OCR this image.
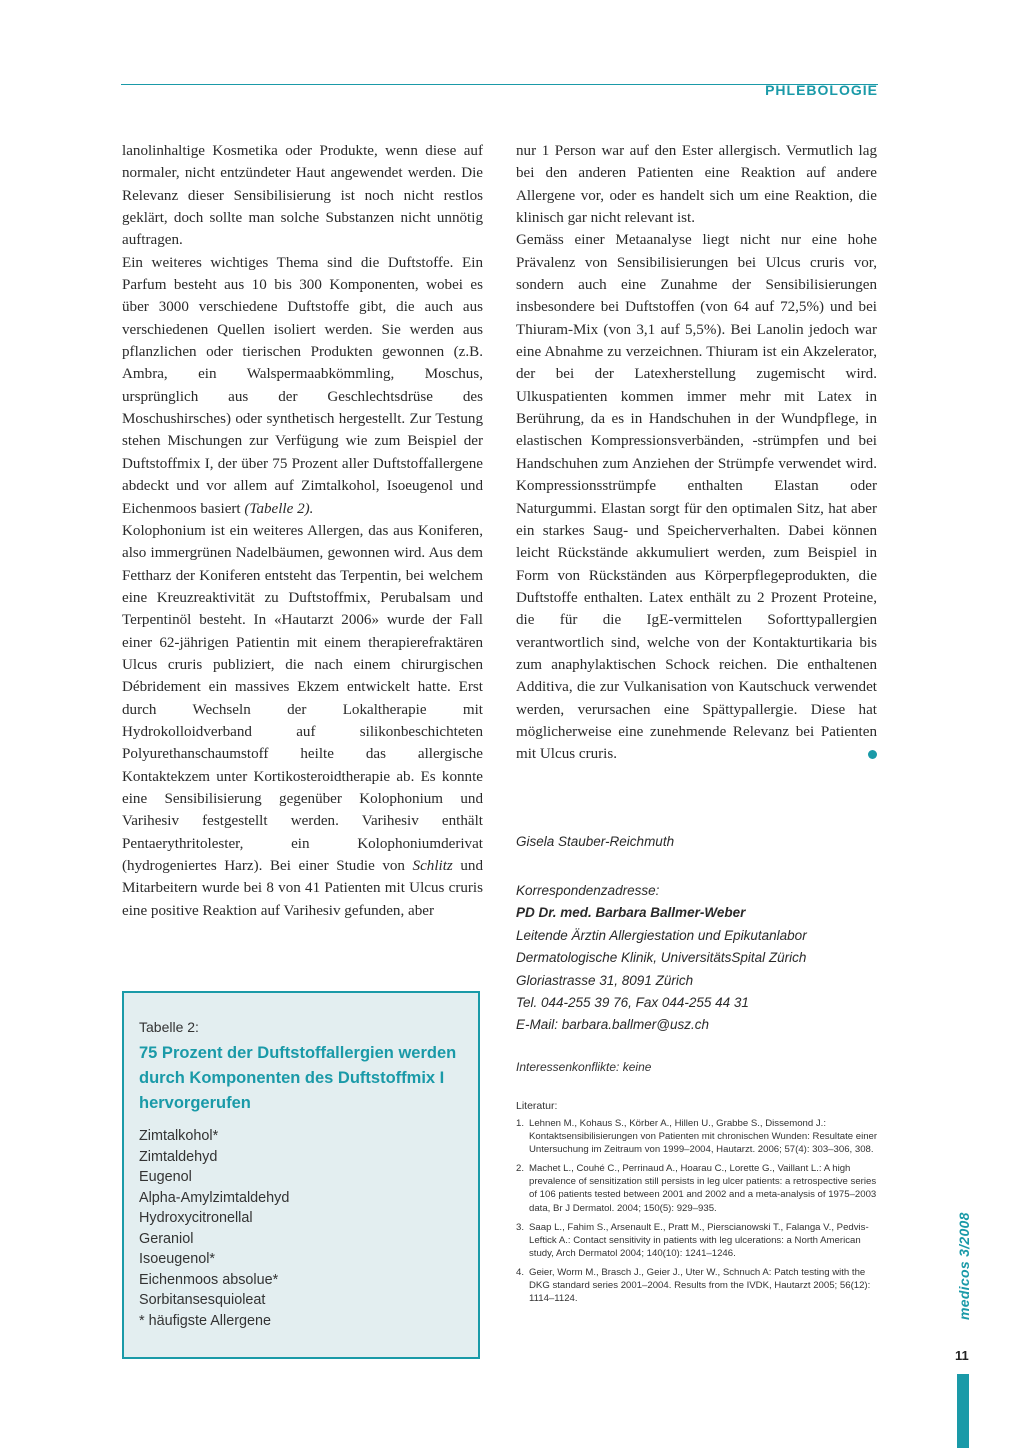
PHLEBOLOGIE

lanolinhaltige Kosmetika oder Produkte, wenn diese auf normaler, nicht entzündeter Haut angewendet werden. Die Relevanz dieser Sensibilisierung ist noch nicht restlos geklärt, doch sollte man solche Substanzen nicht unnötig auftragen.

Ein weiteres wichtiges Thema sind die Duftstoffe. Ein Parfum besteht aus 10 bis 300 Komponenten, wobei es über 3000 verschiedene Duftstoffe gibt, die auch aus verschiedenen Quellen isoliert werden. Sie werden aus pflanzlichen oder tierischen Produkten gewonnen (z.B. Ambra, ein Walspermaabkömmling, Moschus, ursprünglich aus der Geschlechtsdrüse des Moschushirsches) oder synthetisch hergestellt. Zur Testung stehen Mischungen zur Verfügung wie zum Beispiel der Duftstoffmix I, der über 75 Prozent aller Duftstoffallergene abdeckt und vor allem auf Zimtalkohol, Isoeugenol und Eichenmoos basiert (Tabelle 2).

Kolophonium ist ein weiteres Allergen, das aus Koniferen, also immergrünen Nadelbäumen, gewonnen wird. Aus dem Fettharz der Koniferen entsteht das Terpentin, bei welchem eine Kreuzreaktivität zu Duftstoffmix, Perubalsam und Terpentinöl besteht. In «Hautarzt 2006» wurde der Fall einer 62-jährigen Patientin mit einem therapierefraktären Ulcus cruris publiziert, die nach einem chirurgischen Débridement ein massives Ekzem entwickelt hatte. Erst durch Wechseln der Lokaltherapie mit Hydrokolloidverband auf silikonbeschichteten Polyurethanschaumstoff heilte das allergische Kontaktekzem unter Kortikosteroidtherapie ab. Es konnte eine Sensibilisierung gegenüber Kolophonium und Varihesiv festgestellt werden. Varihesiv enthält Pentaerythritolester, ein Kolophoniumderivat (hydrogeniertes Harz). Bei einer Studie von Schlitz und Mitarbeitern wurde bei 8 von 41 Patienten mit Ulcus cruris eine positive Reaktion auf Varihesiv gefunden, aber

nur 1 Person war auf den Ester allergisch. Vermutlich lag bei den anderen Patienten eine Reaktion auf andere Allergene vor, oder es handelt sich um eine Reaktion, die klinisch gar nicht relevant ist.

Gemäss einer Metaanalyse liegt nicht nur eine hohe Prävalenz von Sensibilisierungen bei Ulcus cruris vor, sondern auch eine Zunahme der Sensibilisierungen insbesondere bei Duftstoffen (von 64 auf 72,5%) und bei Thiuram-Mix (von 3,1 auf 5,5%). Bei Lanolin jedoch war eine Abnahme zu verzeichnen. Thiuram ist ein Akzelerator, der bei der Latexherstellung zugemischt wird. Ulkuspatienten kommen immer mehr mit Latex in Berührung, da es in Handschuhen in der Wundpflege, in elastischen Kompressionsverbänden, -strümpfen und bei Handschuhen zum Anziehen der Strümpfe verwendet wird. Kompressionsstrümpfe enthalten Elastan oder Naturgummi. Elastan sorgt für den optimalen Sitz, hat aber ein starkes Saug- und Speicherverhalten. Dabei können leicht Rückstände akkumuliert werden, zum Beispiel in Form von Rückständen aus Körperpflegeprodukten, die Duftstoffe enthalten. Latex enthält zu 2 Prozent Proteine, die für die IgE-vermittelen Soforttypallergien verantwortlich sind, welche von der Kontakturtikaria bis zum anaphylaktischen Schock reichen. Die enthaltenen Additiva, die zur Vulkanisation von Kautschuck verwendet werden, verursachen eine Spättypallergie. Diese hat möglicherweise eine zunehmende Relevanz bei Patienten mit Ulcus cruris.

Gisela Stauber-Reichmuth
Korrespondenzadresse:
PD Dr. med. Barbara Ballmer-Weber
Leitende Ärztin Allergiestation und Epikutanlabor
Dermatologische Klinik, UniversitätsSpital Zürich
Gloriastrasse 31, 8091 Zürich
Tel. 044-255 39 76, Fax 044-255 44 31
E-Mail: barbara.ballmer@usz.ch
Interessenkonflikte: keine
Literatur:
1. Lehnen M., Kohaus S., Körber A., Hillen U., Grabbe S., Dissemond J.: Kontaktsensibilisierungen von Patienten mit chronischen Wunden: Resultate einer Untersuchung im Zeitraum von 1999–2004, Hautarzt. 2006; 57(4): 303–306, 308.
2. Machet L., Couhé C., Perrinaud A., Hoarau C., Lorette G., Vaillant L.: A high prevalence of sensitization still persists in leg ulcer patients: a retrospective series of 106 patients tested between 2001 and 2002 and a meta-analysis of 1975–2003 data, Br J Dermatol. 2004; 150(5): 929–935.
3. Saap L., Fahim S., Arsenault E., Pratt M., Pierscianowski T., Falanga V., Pedvis-Leftick A.: Contact sensitivity in patients with leg ulcerations: a North American study, Arch Dermatol 2004; 140(10): 1241–1246.
4. Geier, Worm M., Brasch J., Geier J., Uter W., Schnuch A: Patch testing with the DKG standard series 2001–2004. Results from the IVDK, Hautarzt 2005; 56(12): 1114–1124.
Tabelle 2:
75 Prozent der Duftstoffallergien werden durch Komponenten des Duftstoffmix I hervorgerufen
Zimtalkohol*
Zimtaldehyd
Eugenol
Alpha-Amylzimtaldehyd
Hydroxycitronellal
Geraniol
Isoeugenol*
Eichenmoos absolue*
Sorbitansesquioleat
* häufigste Allergene
medicos 3/2008
11
